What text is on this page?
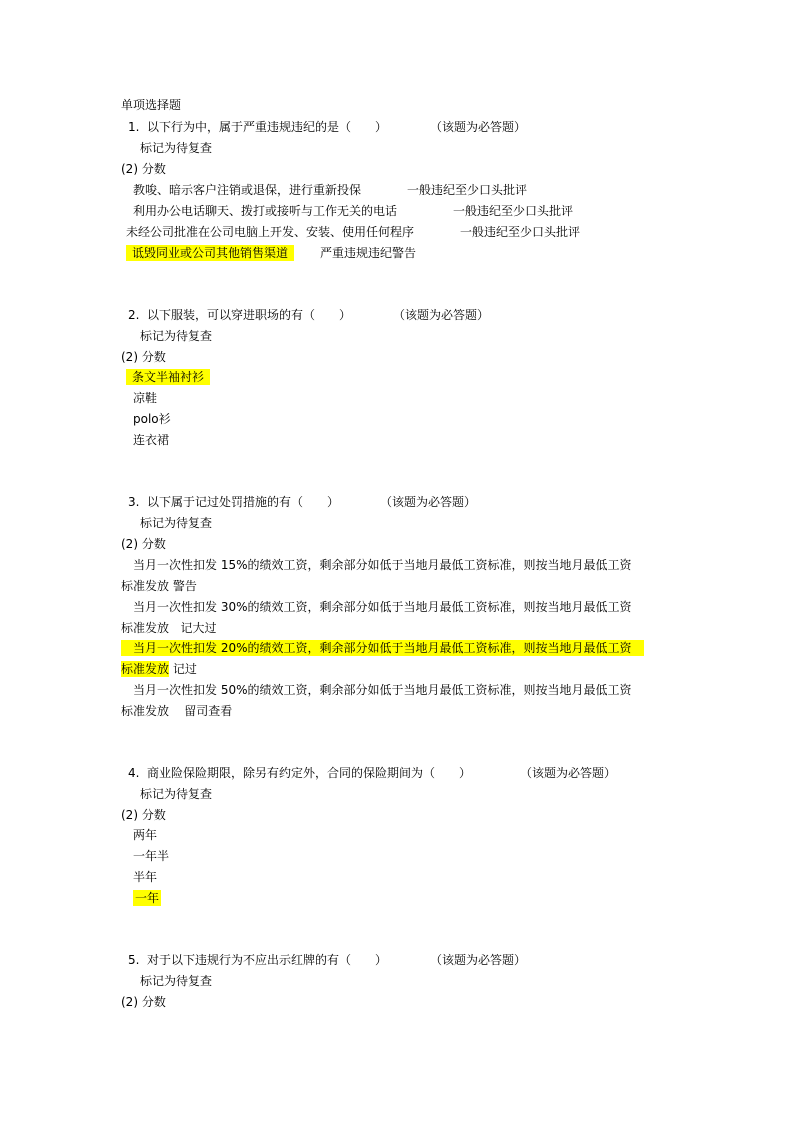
单项选择题
1. 以下行为中，属于严重违规违纪的是（　　）	（该题为必答题）
标记为待复查
(2) 分数
教唆、暗示客户注销或退保，进行重新投保	一般违纪至少口头批评
利用办公电话聊天、拨打或接听与工作无关的电话	一般违纪至少口头批评
未经公司批准在公司电脑上开发、安装、使用任何程序	一般违纪至少口头批评
诋毁同业或公司其他销售渠道	严重违规违纪警告
2. 以下服装，可以穿进职场的有（　　）	（该题为必答题）
标记为待复查
(2) 分数
条文半袖衬衫
凉鞋
polo衫
连衣裙
3. 以下属于记过处罚措施的有（　　）	（该题为必答题）
标记为待复查
(2) 分数
当月一次性扣发 15%的绩效工资，剩余部分如低于当地月最低工资标准，则按当地月最低工资
标准发放 警告
当月一次性扣发 30%的绩效工资，剩余部分如低于当地月最低工资标准，则按当地月最低工资
标准发放 记大过
当月一次性扣发 20%的绩效工资，剩余部分如低于当地月最低工资标准，则按当地月最低工资
标准发放 记过
当月一次性扣发 50%的绩效工资，剩余部分如低于当地月最低工资标准，则按当地月最低工资
标准发放 留司查看
4. 商业险保险期限，除另有约定外，合同的保险期间为（　　）	（该题为必答题）
标记为待复查
(2) 分数
两年
一年半
半年
一年
5. 对于以下违规行为不应出示红牌的有（　　）	（该题为必答题）
标记为待复查
(2) 分数
